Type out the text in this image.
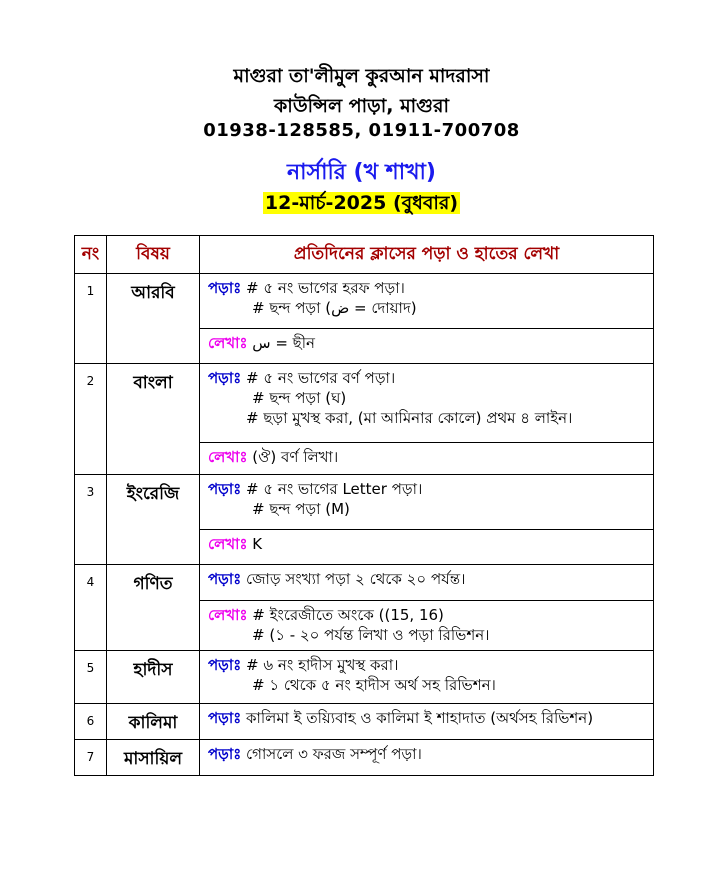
মাগুরা তা'লীমুল কুরআন মাদরাসা
কাউন্সিল পাড়া, মাগুরা
01938-128585, 01911-700708
নার্সারি (খ শাখা)
12-মার্চ-2025 (বুধবার)
নং	বিষয়	প্রতিদিনের ক্লাসের পড়া ও হাতের লেখা
1	আরবি	পড়াঃ # ৫ নং ভাগের হরফ পড়া।
# ছন্দ পড়া (ض = দোয়াদ)

		লেখাঃ س = ছীন
2	বাংলা	পড়াঃ # ৫ নং ভাগের বর্ণ পড়া।
# ছন্দ পড়া (ঘ)
# ছড়া মুখস্থ করা, (মা আমিনার কোলে) প্রথম ৪ লাইন।

		লেখাঃ (ঔ) বর্ণ লিখা।
3	ইংরেজি	পড়াঃ # ৫ নং ভাগের Letter পড়া।
# ছন্দ পড়া (M)

		লেখাঃ K
4	গণিত	পড়াঃ জোড় সংখ্যা পড়া ২ থেকে ২০ পর্যন্ত।
		লেখাঃ # ইংরেজীতে অংকে ((15, 16)
# (১ - ২০ পর্যন্ত লিখা ও পড়া রিভিশন।

5	হাদীস	পড়াঃ # ৬ নং হাদীস মুখস্থ করা।
# ১ থেকে ৫ নং হাদীস অর্থ সহ রিভিশন।

6	কালিমা	পড়াঃ কালিমা ই তয়্যিবাহ ও কালিমা ই শাহাদাত (অর্থসহ রিভিশন)
7	মাসায়িল	পড়াঃ গোসলে ৩ ফরজ সম্পূর্ণ পড়া।
